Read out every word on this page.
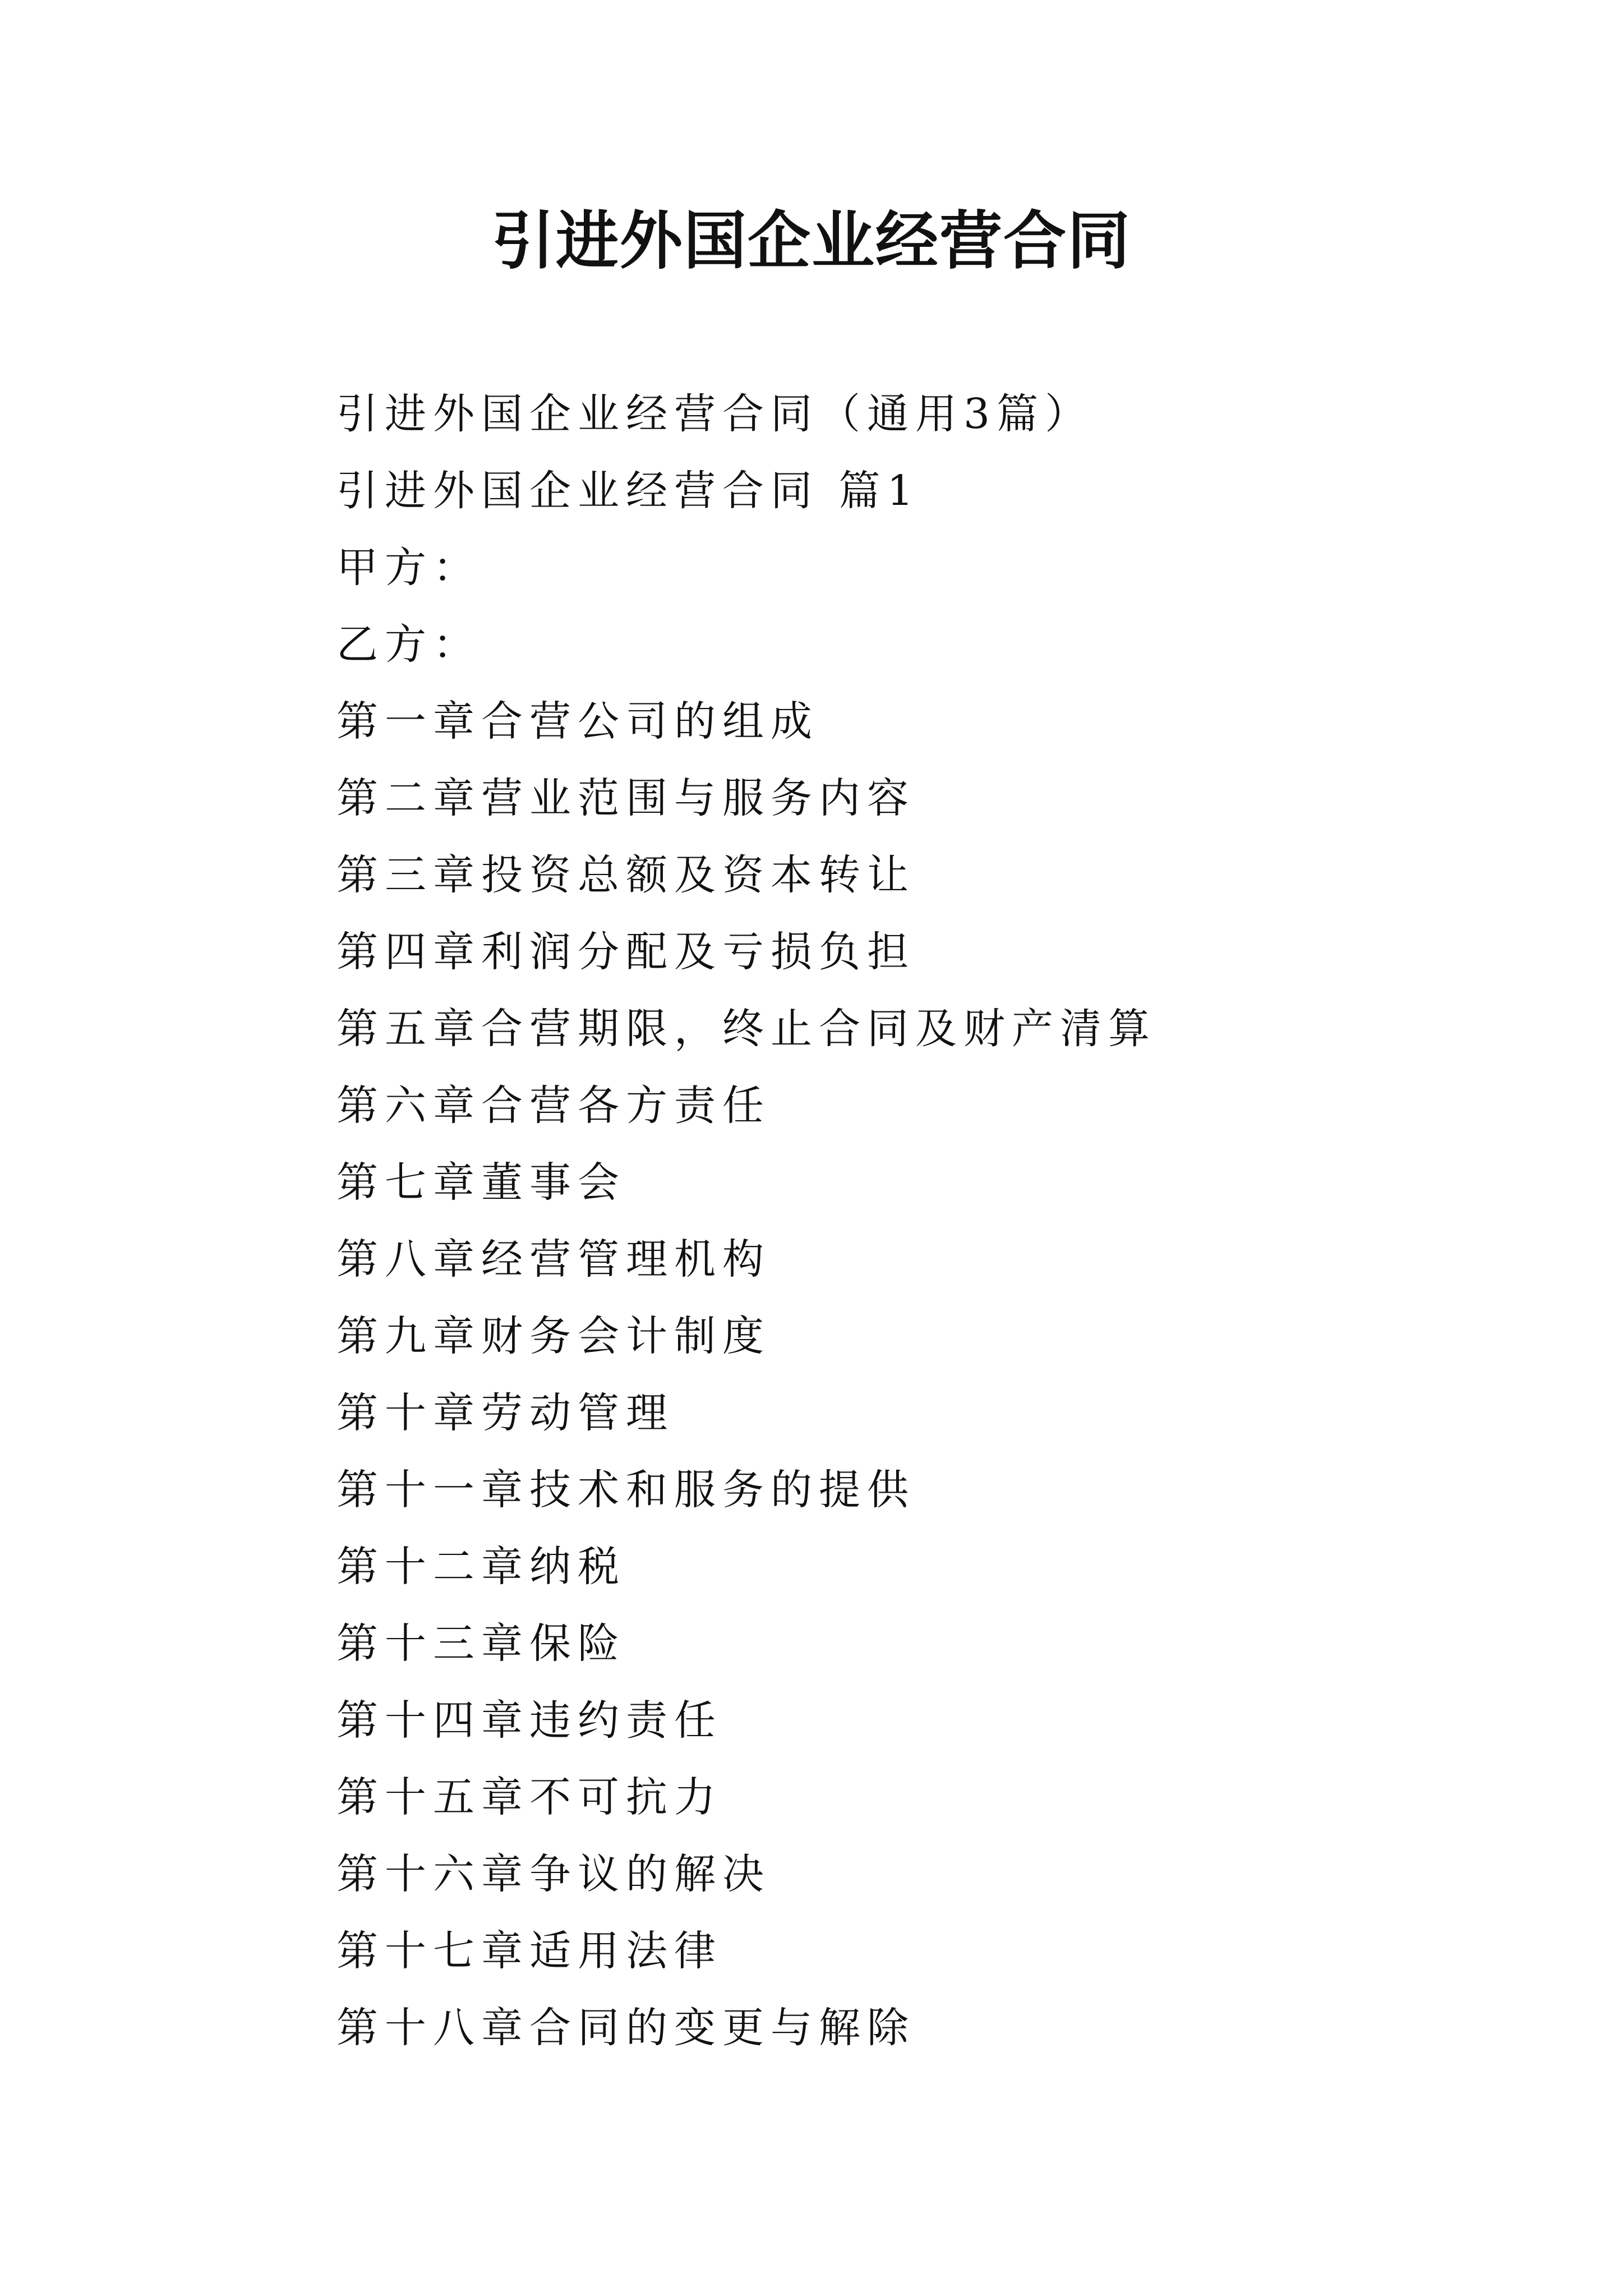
引进外国企业经营合同
引进外国企业经营合同（通用3篇）
引进外国企业经营合同 篇1
甲方：
乙方：
第一章合营公司的组成
第二章营业范围与服务内容
第三章投资总额及资本转让
第四章利润分配及亏损负担
第五章合营期限，终止合同及财产清算
第六章合营各方责任
第七章董事会
第八章经营管理机构
第九章财务会计制度
第十章劳动管理
第十一章技术和服务的提供
第十二章纳税
第十三章保险
第十四章违约责任
第十五章不可抗力
第十六章争议的解决
第十七章适用法律
第十八章合同的变更与解除
